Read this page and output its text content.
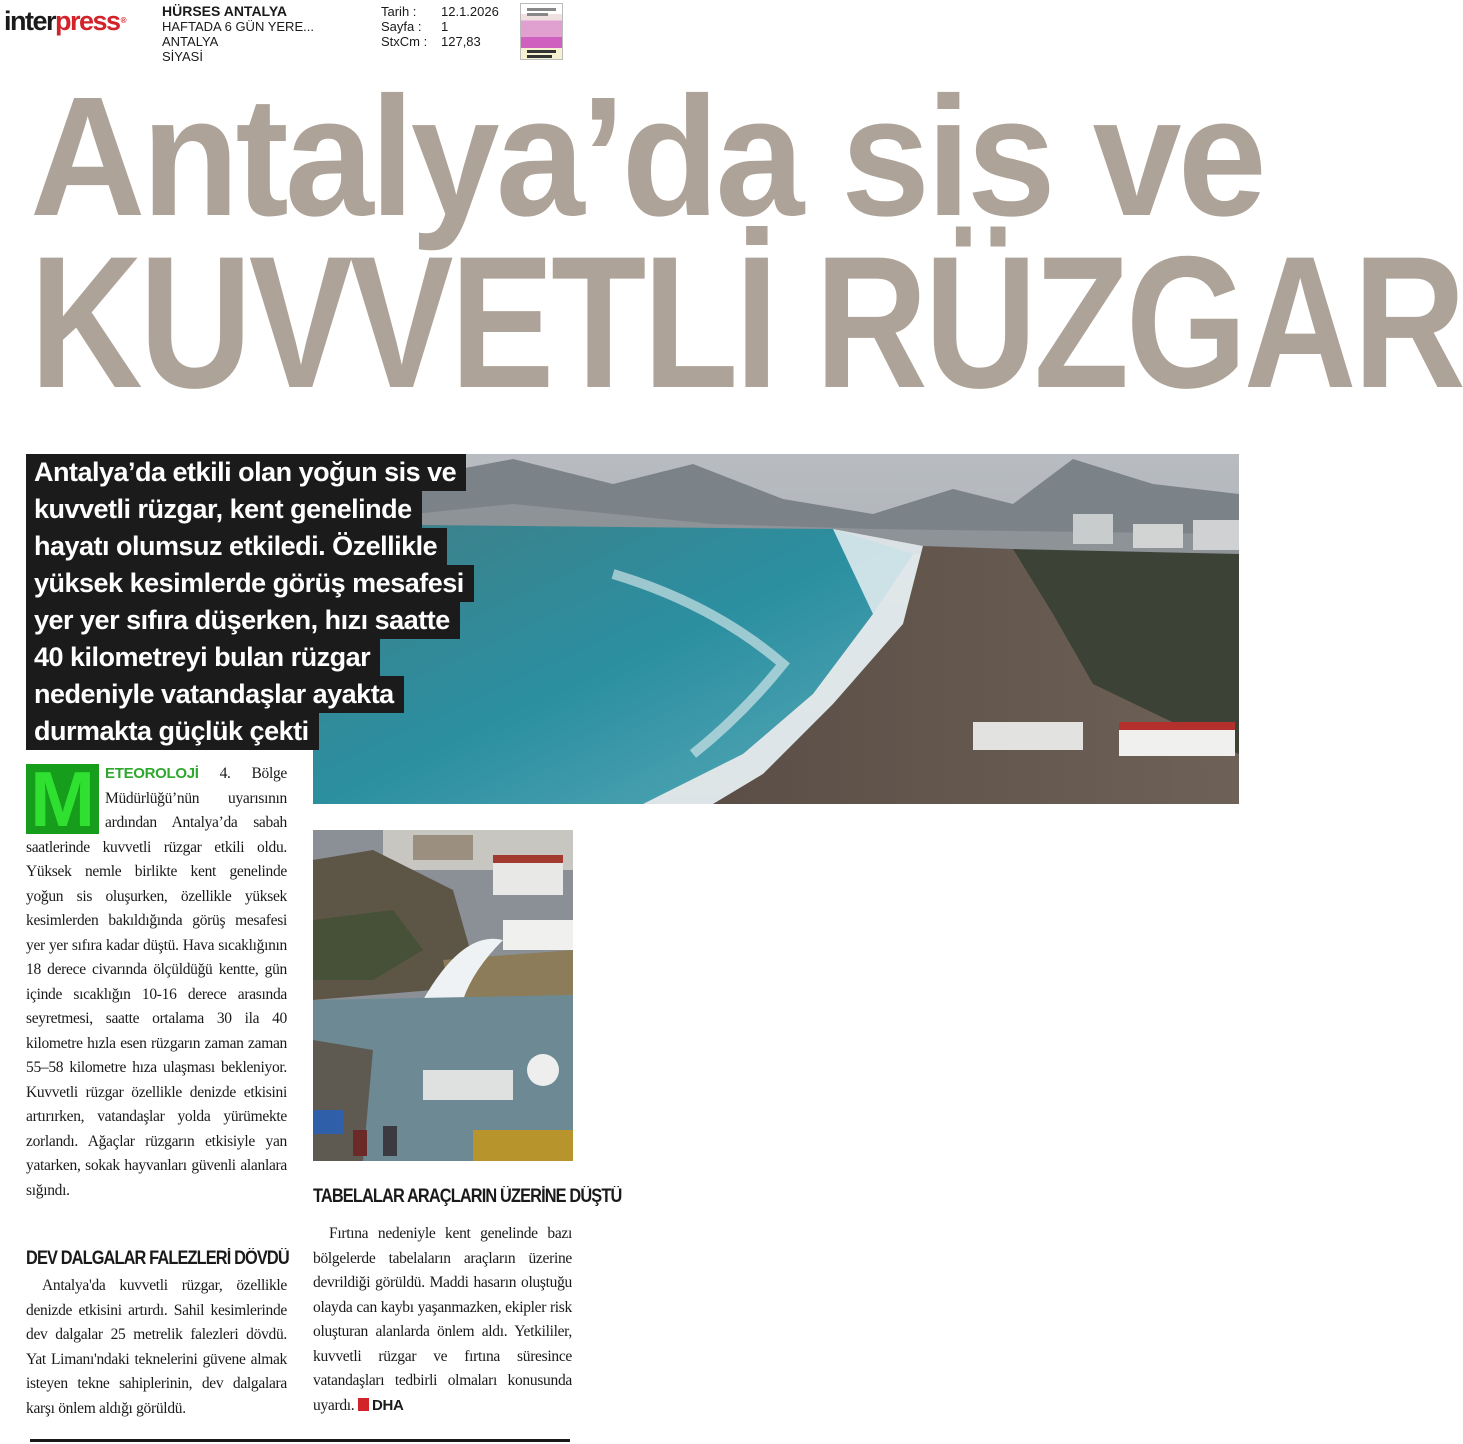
interpress®
HÜRSES ANTALYA
HAFTADA 6 GÜN YERE...
ANTALYA
SİYASİ
Tarih :	12.1.2026
Sayfa :	1
StxCm :	127,83
Antalya’da sis ve
KUVVETLİ RÜZGAR
Antalya’da etkili olan yoğun sis ve
kuvvetli rüzgar, kent genelinde
hayatı olumsuz etkiledi. Özellikle
yüksek kesimlerde görüş mesafesi
yer yer sıfıra düşerken, hızı saatte
40 kilometreyi bulan rüzgar
nedeniyle vatandaşlar ayakta
durmakta güçlük çekti
M ETEOROLOJİ 4. Bölge Müdürlüğü’nün uyarısının ardından Antalya’da sabah saatlerinde kuvvetli rüzgar etkili oldu. Yüksek nemle birlikte kent genelinde yoğun sis oluşurken, özellikle yüksek kesimlerden bakıldığında görüş mesafesi yer yer sıfıra kadar düştü. Hava sıcaklığının 18 derece civarında ölçüldüğü kentte, gün içinde sıcaklığın 10-16 derece arasında seyretmesi, saatte ortalama 30 ila 40 kilometre hızla esen rüzgarın zaman zaman 55–58 kilometre hıza ulaşması bekleniyor. Kuvvetli rüzgar özellikle denizde etkisini artırırken, vatandaşlar yolda yürümekte zorlandı. Ağaçlar rüzgarın etkisiyle yan yatarken, sokak hayvanları güvenli alanlara sığındı.
DEV DALGALAR FALEZLERİ DÖVDÜ
Antalya'da kuvvetli rüzgar, özellikle denizde etkisini artırdı. Sahil kesimlerinde dev dalgalar 25 metrelik falezleri dövdü. Yat Limanı'ndaki teknelerini güvene almak isteyen tekne sahiplerinin, dev dalgalara karşı önlem aldığı görüldü.
TABELALAR ARAÇLARIN ÜZERİNE DÜŞTÜ
Fırtına nedeniyle kent genelinde bazı bölgelerde tabelaların araçların üzerine devrildiği görüldü. Maddi hasarın oluştuğu olayda can kaybı yaşanmazken, ekipler risk oluşturan alanlarda önlem aldı. Yetkililer, kuvvetli rüzgar ve fırtına süresince vatandaşları tedbirli olmaları konusunda uyardı. DHA
